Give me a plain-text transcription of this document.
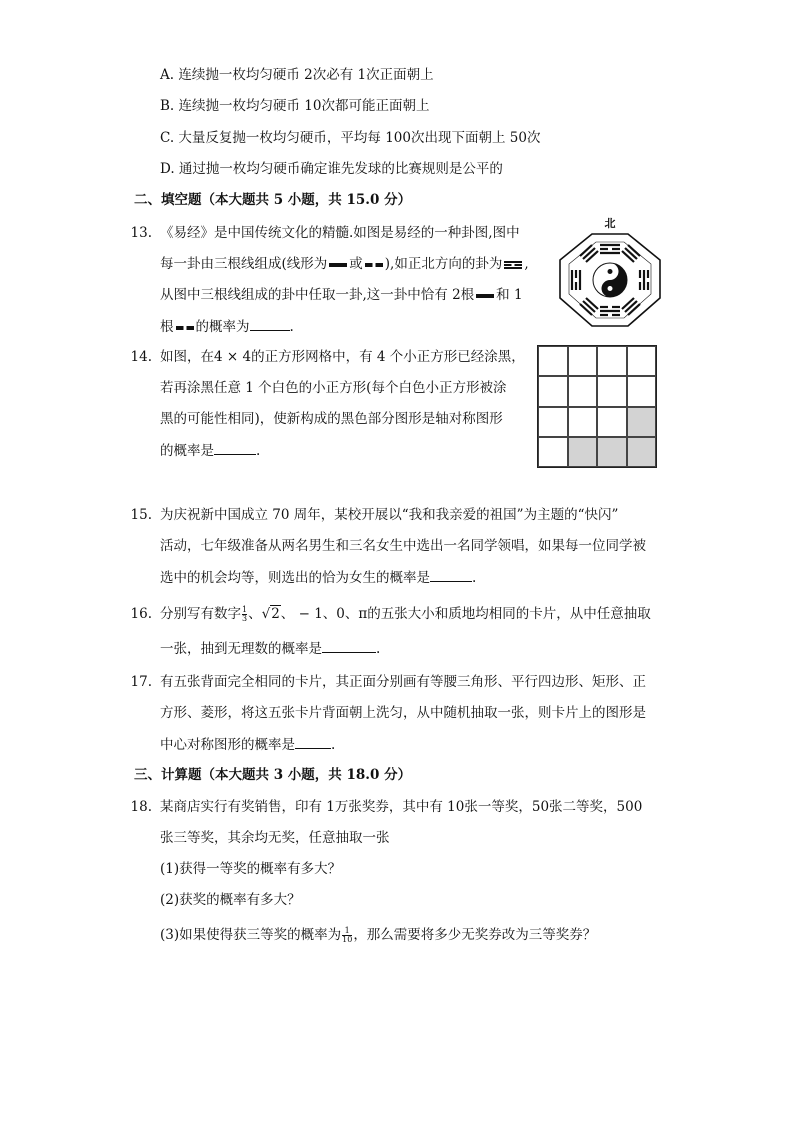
A. 连续抛一枚均匀硬币 2次必有 1次正面朝上
B. 连续抛一枚均匀硬币 10次都可能正面朝上
C. 大量反复抛一枚均匀硬币，平均每 100次出现下面朝上 50次
D. 通过抛一枚均匀硬币确定谁先发球的比赛规则是公平的
二、填空题（本大题共 5 小题，共 15.0 分）
13. 《易经》是中国传统文化的精髓.如图是易经的一种卦图,图中
每一卦由三根线组成(线形为 或 ),如正北方向的卦为 ,
从图中三根线组成的卦中任取一卦,这一卦中恰有 2根 和 1
根 的概率为	.
北
14. 如图，在4 × 4的正方形网格中，有 4 个小正方形已经涂黑，
若再涂黑任意 1 个白色的小正方形(每个白色小正方形被涂
黑的可能性相同)，使新构成的黑色部分图形是轴对称图形
的概率是	.
15. 为庆祝新中国成立 70 周年，某校开展以“我和我亲爱的祖国”为主题的“快闪”
活动，七年级准备从两名男生和三名女生中选出一名同学领唱，如果每一位同学被
选中的机会均等，则选出的恰为女生的概率是	.
16. 分别写有数字 $\frac{1}{3}$ 、√2、 − 1、0、π的五张大小和质地均相同的卡片，从中任意抽取
一张，抽到无理数的概率是	.
17. 有五张背面完全相同的卡片，其正面分别画有等腰三角形、平行四边形、矩形、正
方形、菱形，将这五张卡片背面朝上洗匀，从中随机抽取一张，则卡片上的图形是
中心对称图形的概率是	.
三、计算题（本大题共 3 小题，共 18.0 分）
18. 某商店实行有奖销售，印有 1万张奖券，其中有 10张一等奖，50张二等奖，500
张三等奖，其余均无奖，任意抽取一张
(1)获得一等奖的概率有多大？
(2)获奖的概率有多大？
(3)如果使得获三等奖的概率为 $\frac{1}{10}$ ，那么需要将多少无奖券改为三等奖券？
